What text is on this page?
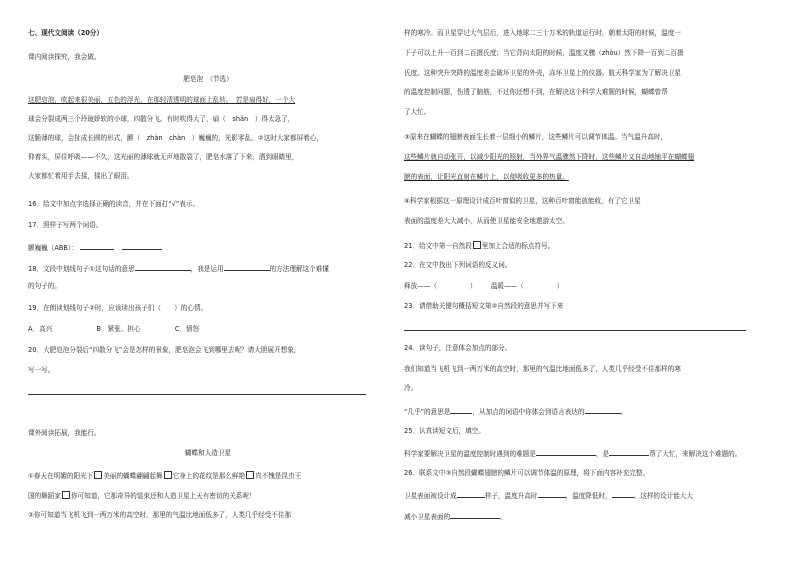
七、现代文阅读（20分）
课内阅读探究，我会做。
肥皂泡　（节选）
这肥皂泡，吹起来很美丽，五色的浮光，在那轻清透明的球面上乱转。　若是扇得好，一个大
球会分裂成两三个玲珑娇软的小球，四散分飞。有时吹得大了，扇（　shǎn　）得太急了，
这脆薄的球，会扯成长圆的形式，颤（　zhàn　chàn　）巍巍的，光影零乱。②这时大家都屏着心，
仰着头，屏住呼吸——不久，这光丽的薄球就无声地散裂了，肥皂水落了下来，洒到眼睛里，
大家都忙着用手去揉，揉出了眼泪。
16．给文中加点字选择正确的读音，并在下面打“√”表示。
17．照样子写两个词语。
颤巍巍（ABB）：
18．文段中划线句子①这句话的意思	，我是运用	的方法理解这个难懂
的句子的。
19．在朗读划线句子②时，应该读出孩子们（　　）的心情。
A．高兴	B．紧张、担心	C．愤怒
20．大肥皂泡分裂后“四散分飞”会是怎样的景象，肥皂泡会飞到哪里去呢？请大胆展开想象，
写一写。
课外阅读拓展，我能行。
蝴蝶和人造卫星
①春天在明媚的阳光下 美丽的蝴蝶翩翩起舞 它身上的花纹是那么鲜艳 真不愧是昆虫王
国的舞蹈家 你可知道，它那奇异的装束还和人造卫星上天有密切的关系呢！
②你可知道当飞机飞到一两万米的高空时，那里的气温比地面低多了，人类几乎经受不住那
样的寒冷。而卫星穿过大气层后，进入地球二三十万米的轨道运行时，朝着太阳的时候，温度一
下子可以上升一百到二百摄氏度；当它背向太阳的时候，温度又骤（zhòu）然下降一百到二百摄
氏度。这种突升突降的温度差会破坏卫星的外壳，冻坏卫星上的仪器。航天科学家为了解决卫星
的温度控制问题，伤透了脑筋，不过你还想不到，在解决这个科学大难题的时候，蝴蝶曾帮
了大忙。
③原来在蝴蝶的翅膀表面生长着一层细小的鳞片，这些鳞片可以调节体温。当气温升高时，
这些鳞片就自动张开，以减少阳光的照射，当外界气温骤然下降时，这些鳞片又自动地铺平在蝴蝶翅
膀的表面，让阳光直射在鳞片上，以便吸收更多的热量。
④科学家根据这一原理设计成百叶窗似的卫星，这种百叶窗能放能收，有了它卫星
表面的温度差大大减小，从而使卫星能安全地遨游太空。
21．给文中第一自然段 里加上合适的标点符号。
22．在文中找出下列词语的反义词。
释放——（　　　　　） 温暖——（　　　　　）
23．请借助关键句概括短文第②自然段的意思并写下来
24．读句子，注意体会加点的部分。
我们知道当飞机飞到一两万米的高空时，那里的气温比地面低多了，人类几乎经受不住那样的寒
冷。
“几乎”的意思是	，从加点的词语中你体会到语言表达的	。
25．认真读短文后，填空。
科学家要解决卫星的温度控制时遇到的难题是	，是	帮了大忙，来解决这个难题的。
26．联系文中③自然段蝴蝶翅膀的鳞片可以调节体温的原理，将下面内容补充完整。
卫星表面被设计成	样子，温度升高时	，温度降低时，	。这样的设计能大大
减小卫星表面的	。
